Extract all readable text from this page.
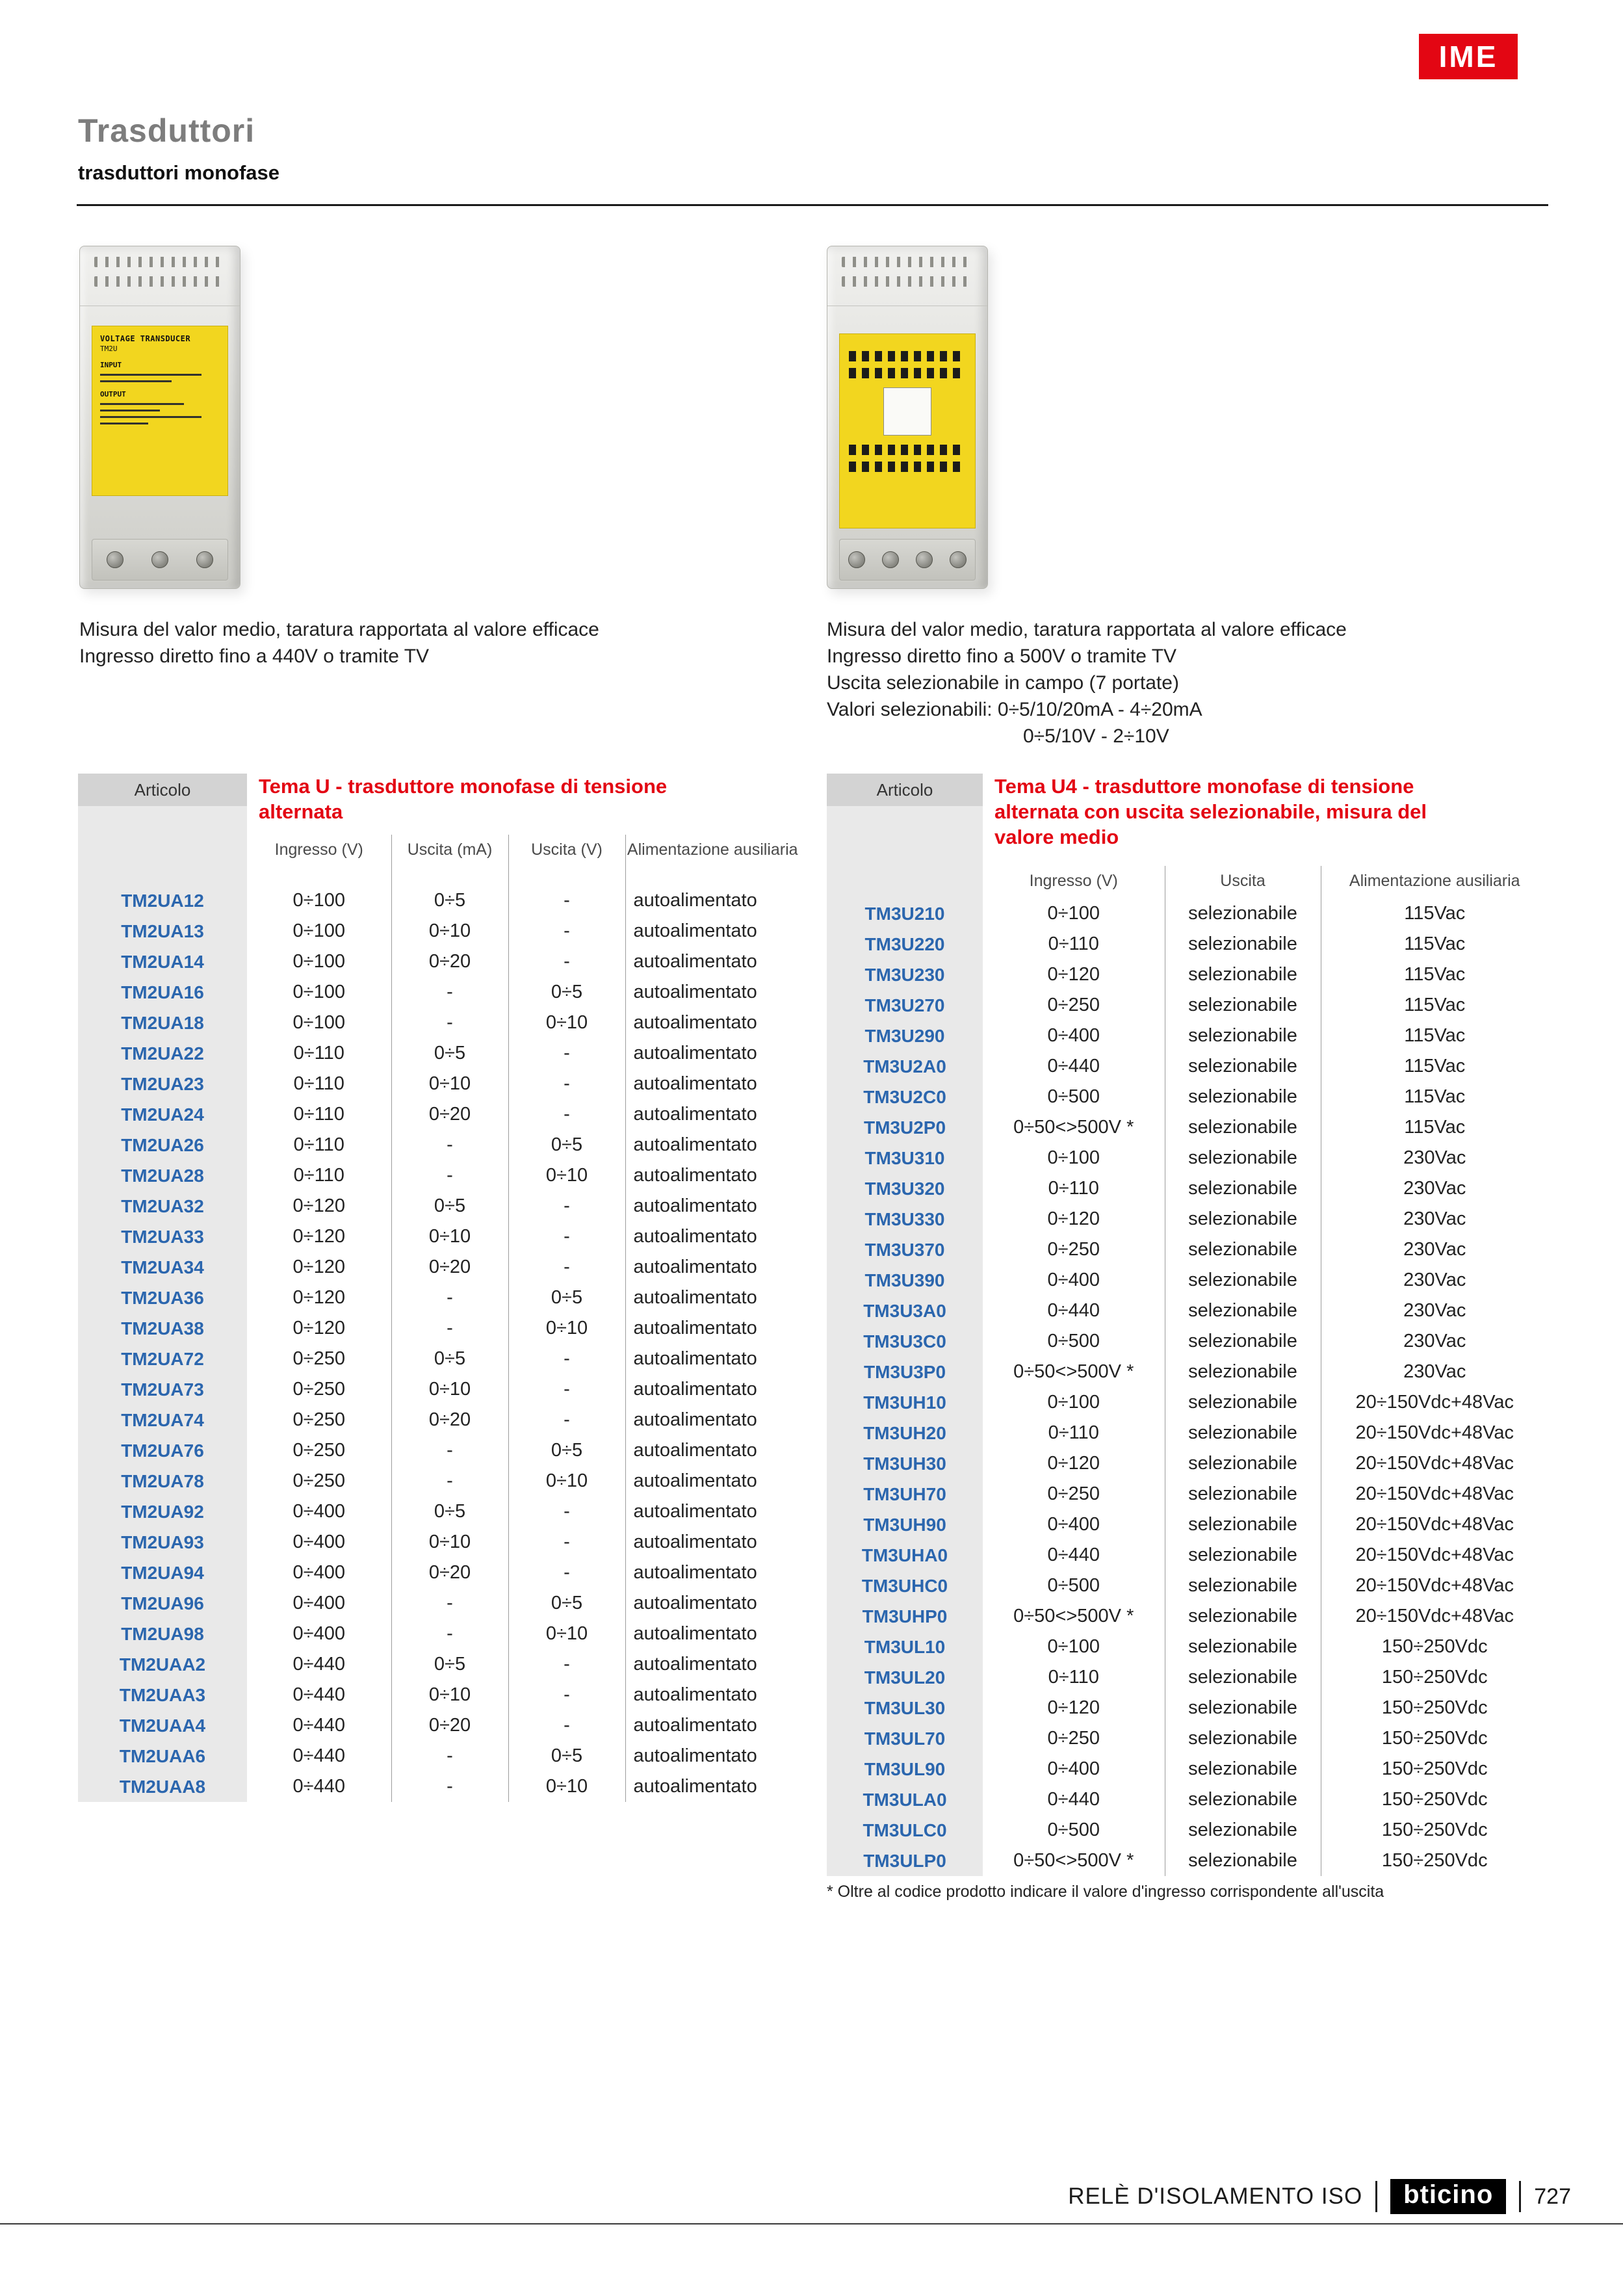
IME
Trasduttori
trasduttori monofase
VOLTAGE TRANSDUCER
TM2U
INPUT
OUTPUT
Misura del valor medio, taratura rapportata al valore efficace
Ingresso diretto fino a 440V o tramite TV
Misura del valor medio, taratura rapportata al valore efficace
Ingresso diretto fino a 500V o tramite TV
Uscita selezionabile in campo (7 portate)
Valori selezionabili: 0÷5/10/20mA - 4÷20mA
0÷5/10V - 2÷10V
Articolo	Tema U - trasduttore monofase di tensione
alternata
	Ingresso (V)	Uscita (mA)	Uscita (V)	Alimentazione ausiliaria
TM2UA12	0÷100	0÷5	-	autoalimentato
TM2UA13	0÷100	0÷10	-	autoalimentato
TM2UA14	0÷100	0÷20	-	autoalimentato
TM2UA16	0÷100	-	0÷5	autoalimentato
TM2UA18	0÷100	-	0÷10	autoalimentato
TM2UA22	0÷110	0÷5	-	autoalimentato
TM2UA23	0÷110	0÷10	-	autoalimentato
TM2UA24	0÷110	0÷20	-	autoalimentato
TM2UA26	0÷110	-	0÷5	autoalimentato
TM2UA28	0÷110	-	0÷10	autoalimentato
TM2UA32	0÷120	0÷5	-	autoalimentato
TM2UA33	0÷120	0÷10	-	autoalimentato
TM2UA34	0÷120	0÷20	-	autoalimentato
TM2UA36	0÷120	-	0÷5	autoalimentato
TM2UA38	0÷120	-	0÷10	autoalimentato
TM2UA72	0÷250	0÷5	-	autoalimentato
TM2UA73	0÷250	0÷10	-	autoalimentato
TM2UA74	0÷250	0÷20	-	autoalimentato
TM2UA76	0÷250	-	0÷5	autoalimentato
TM2UA78	0÷250	-	0÷10	autoalimentato
TM2UA92	0÷400	0÷5	-	autoalimentato
TM2UA93	0÷400	0÷10	-	autoalimentato
TM2UA94	0÷400	0÷20	-	autoalimentato
TM2UA96	0÷400	-	0÷5	autoalimentato
TM2UA98	0÷400	-	0÷10	autoalimentato
TM2UAA2	0÷440	0÷5	-	autoalimentato
TM2UAA3	0÷440	0÷10	-	autoalimentato
TM2UAA4	0÷440	0÷20	-	autoalimentato
TM2UAA6	0÷440	-	0÷5	autoalimentato
TM2UAA8	0÷440	-	0÷10	autoalimentato
Articolo	Tema U4 - trasduttore monofase di tensione
alternata con uscita selezionabile, misura del
valore medio
	Ingresso (V)	Uscita	Alimentazione ausiliaria
TM3U210	0÷100	selezionabile	115Vac
TM3U220	0÷110	selezionabile	115Vac
TM3U230	0÷120	selezionabile	115Vac
TM3U270	0÷250	selezionabile	115Vac
TM3U290	0÷400	selezionabile	115Vac
TM3U2A0	0÷440	selezionabile	115Vac
TM3U2C0	0÷500	selezionabile	115Vac
TM3U2P0	0÷50<>500V *	selezionabile	115Vac
TM3U310	0÷100	selezionabile	230Vac
TM3U320	0÷110	selezionabile	230Vac
TM3U330	0÷120	selezionabile	230Vac
TM3U370	0÷250	selezionabile	230Vac
TM3U390	0÷400	selezionabile	230Vac
TM3U3A0	0÷440	selezionabile	230Vac
TM3U3C0	0÷500	selezionabile	230Vac
TM3U3P0	0÷50<>500V *	selezionabile	230Vac
TM3UH10	0÷100	selezionabile	20÷150Vdc+48Vac
TM3UH20	0÷110	selezionabile	20÷150Vdc+48Vac
TM3UH30	0÷120	selezionabile	20÷150Vdc+48Vac
TM3UH70	0÷250	selezionabile	20÷150Vdc+48Vac
TM3UH90	0÷400	selezionabile	20÷150Vdc+48Vac
TM3UHA0	0÷440	selezionabile	20÷150Vdc+48Vac
TM3UHC0	0÷500	selezionabile	20÷150Vdc+48Vac
TM3UHP0	0÷50<>500V *	selezionabile	20÷150Vdc+48Vac
TM3UL10	0÷100	selezionabile	150÷250Vdc
TM3UL20	0÷110	selezionabile	150÷250Vdc
TM3UL30	0÷120	selezionabile	150÷250Vdc
TM3UL70	0÷250	selezionabile	150÷250Vdc
TM3UL90	0÷400	selezionabile	150÷250Vdc
TM3ULA0	0÷440	selezionabile	150÷250Vdc
TM3ULC0	0÷500	selezionabile	150÷250Vdc
TM3ULP0	0÷50<>500V *	selezionabile	150÷250Vdc
* Oltre al codice prodotto indicare il valore d'ingresso corrispondente all'uscita
RELÈ D'ISOLAMENTO ISO	bticino	727
